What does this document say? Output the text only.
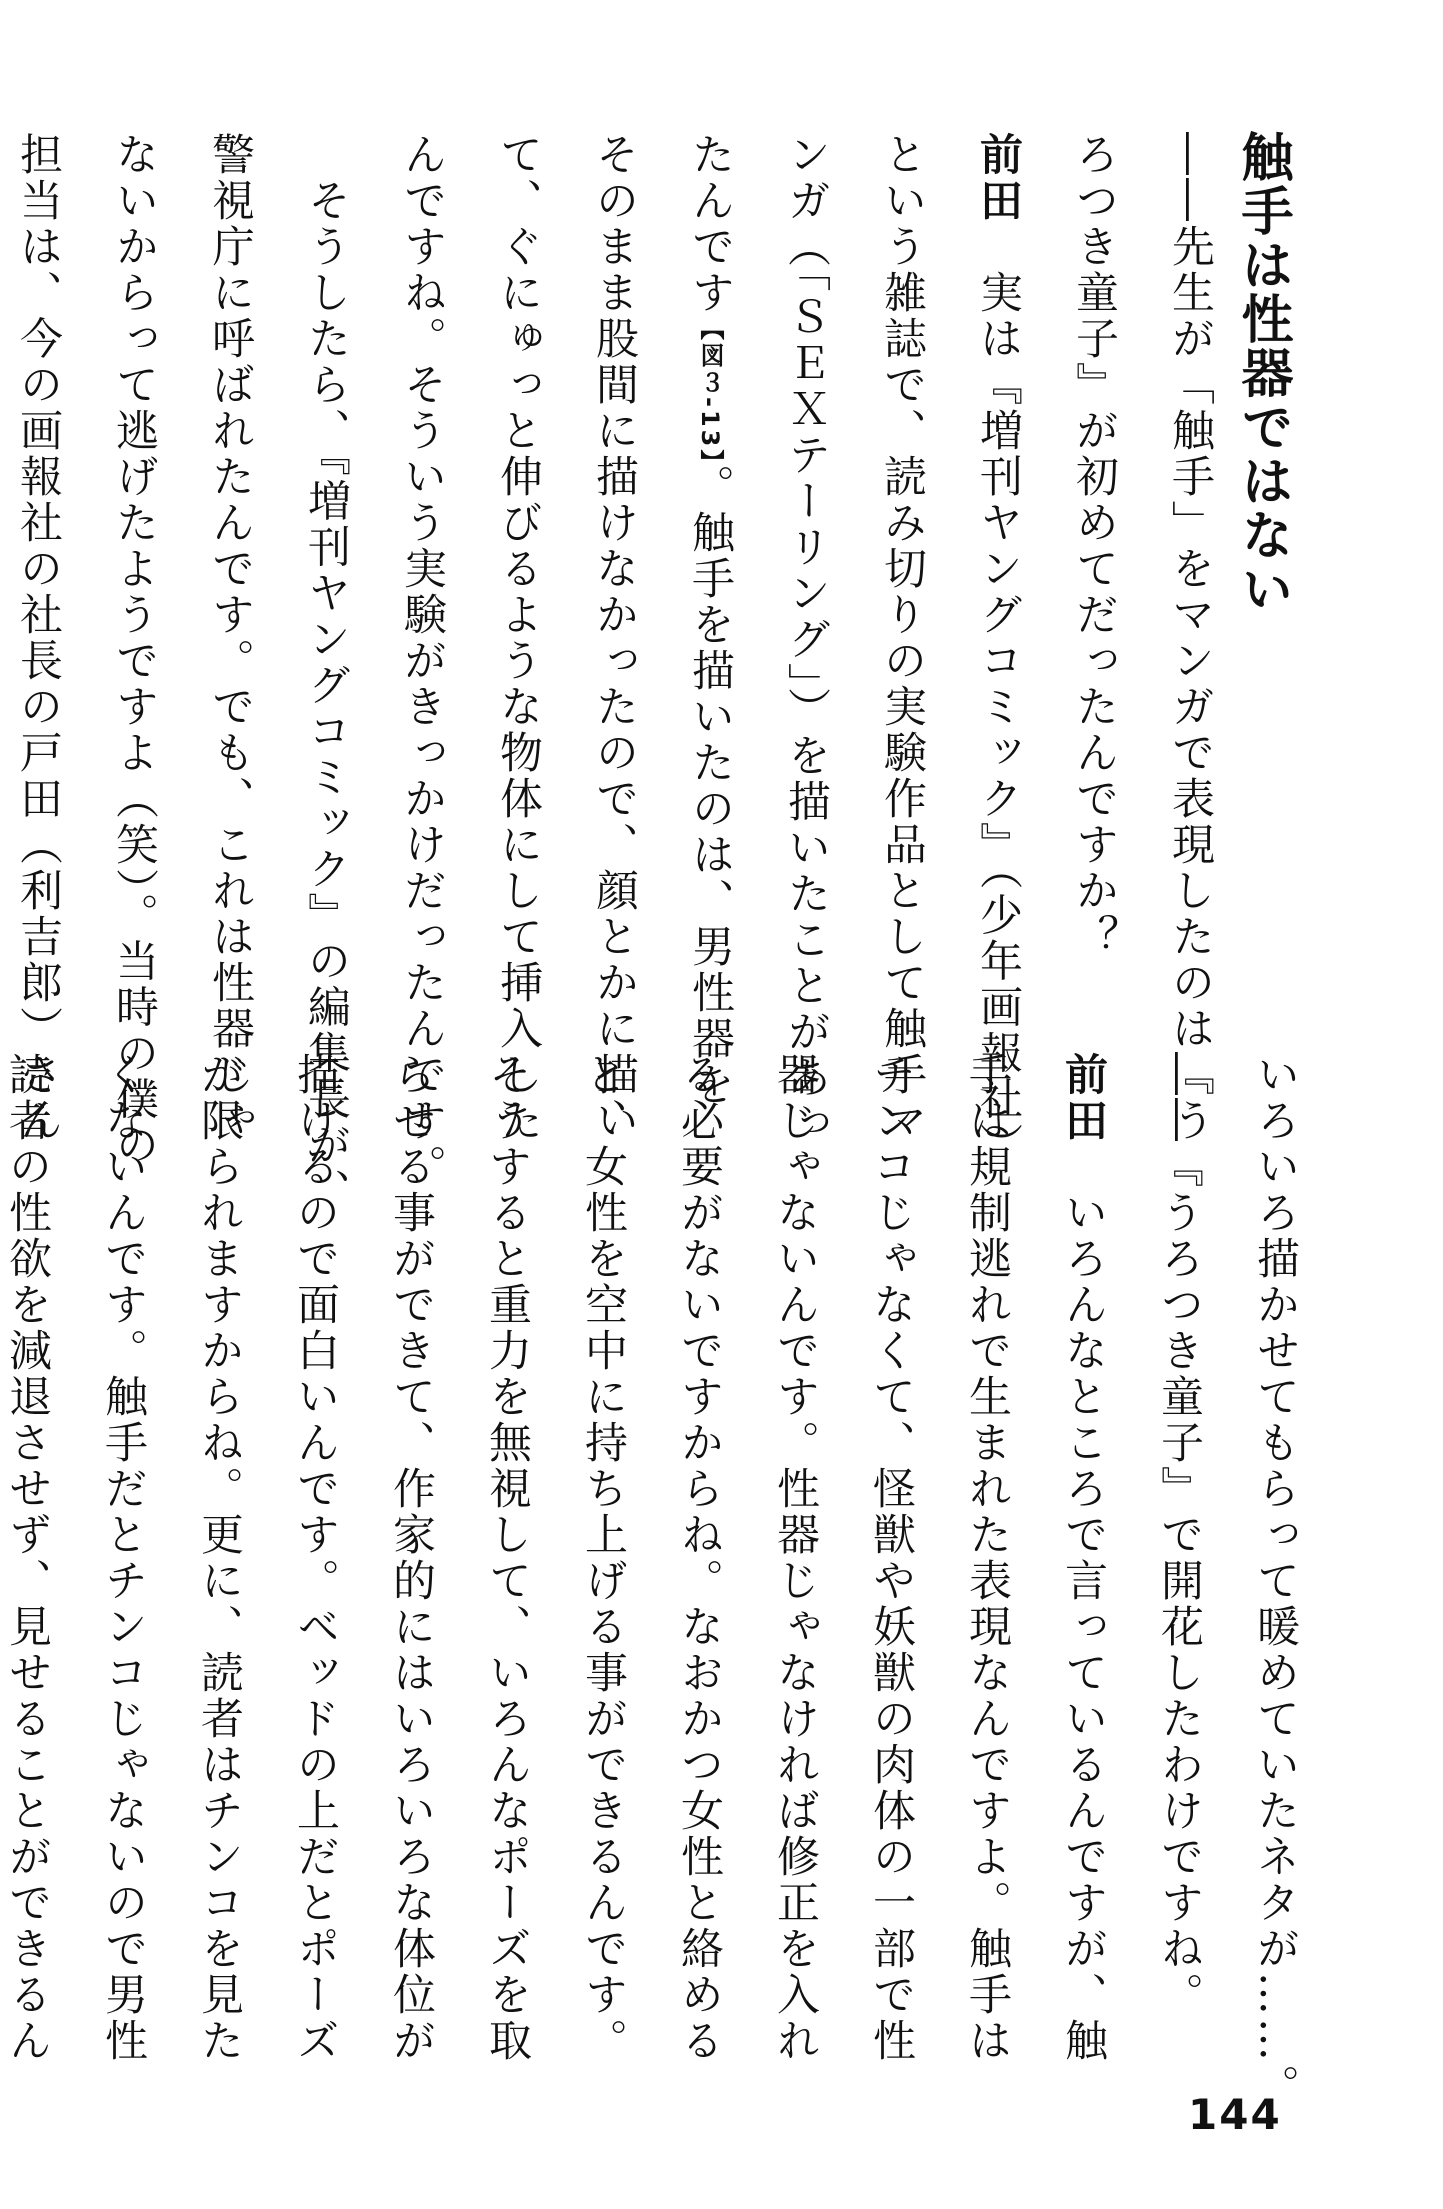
触手は性器ではない
――先生が「触手」をマンガで表現したのは『う
ろつき童子』が初めてだったんですか？
前田　実は『増刊ヤングコミック』（少年画報社）
という雑誌で、読み切りの実験作品として触手マ
ンガ（「ＳＥＸテーリング」）を描いたことがあっ
たんです【図３-13】。触手を描いたのは、男性器を
そのまま股間に描けなかったので、顔とかに描い
て、ぐにゅっと伸びるような物体にして挿入した
んですね。そういう実験がきっかけだったんです。
　そうしたら、『増刊ヤングコミック』の編集長が、
警視庁に呼ばれたんです。でも、これは性器じゃ
ないからって逃げたようですよ（笑）。当時の僕の
担当は、今の画報社の社長の戸田（利吉郎）さん
いろいろ描かせてもらって暖めていたネタが……。
――『うろつき童子』で開花したわけですね。
前田　いろんなところで言っているんですが、触
手は規制逃れで生まれた表現なんですよ。触手は
チンコじゃなくて、怪獣や妖獣の肉体の一部で性
器じゃないんです。性器じゃなければ修正を入れ
る必要がないですからね。なおかつ女性と絡める
と、女性を空中に持ち上げる事ができるんです。
そうすると重力を無視して、いろんなポーズを取
らせる事ができて、作家的にはいろいろな体位が
描けるので面白いんです。ベッドの上だとポーズ
が限られますからね。更に、読者はチンコを見た
くないんです。触手だとチンコじゃないので男性
読者の性欲を減退させず、見せることができるん
144
